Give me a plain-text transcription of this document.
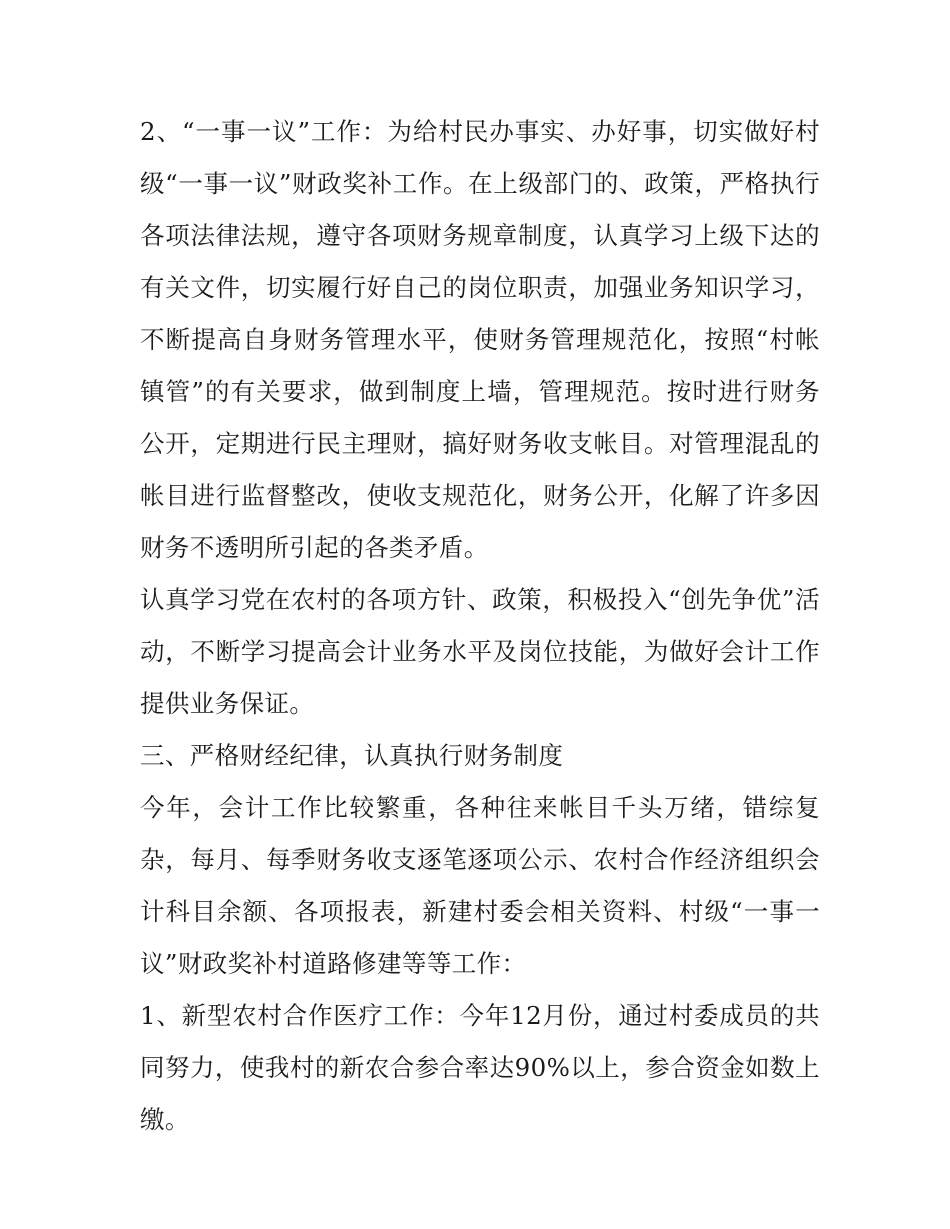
2、“一事一议”工作：为给村民办事实、办好事，切实做好村级“一事一议”财政奖补工作。在上级部门的、政策，严格执行各项法律法规，遵守各项财务规章制度，认真学习上级下达的有关文件，切实履行好自己的岗位职责，加强业务知识学习，不断提高自身财务管理水平，使财务管理规范化，按照“村帐镇管”的有关要求，做到制度上墙，管理规范。按时进行财务公开，定期进行民主理财，搞好财务收支帐目。对管理混乱的帐目进行监督整改，使收支规范化，财务公开，化解了许多因财务不透明所引起的各类矛盾。

认真学习党在农村的各项方针、政策，积极投入“创先争优”活动，不断学习提高会计业务水平及岗位技能，为做好会计工作提供业务保证。

三、严格财经纪律，认真执行财务制度

今年，会计工作比较繁重，各种往来帐目千头万绪，错综复杂，每月、每季财务收支逐笔逐项公示、农村合作经济组织会计科目余额、各项报表，新建村委会相关资料、村级“一事一议”财政奖补村道路修建等等工作：

1、新型农村合作医疗工作：今年12月份，通过村委成员的共同努力，使我村的新农合参合率达90%以上，参合资金如数上缴。
